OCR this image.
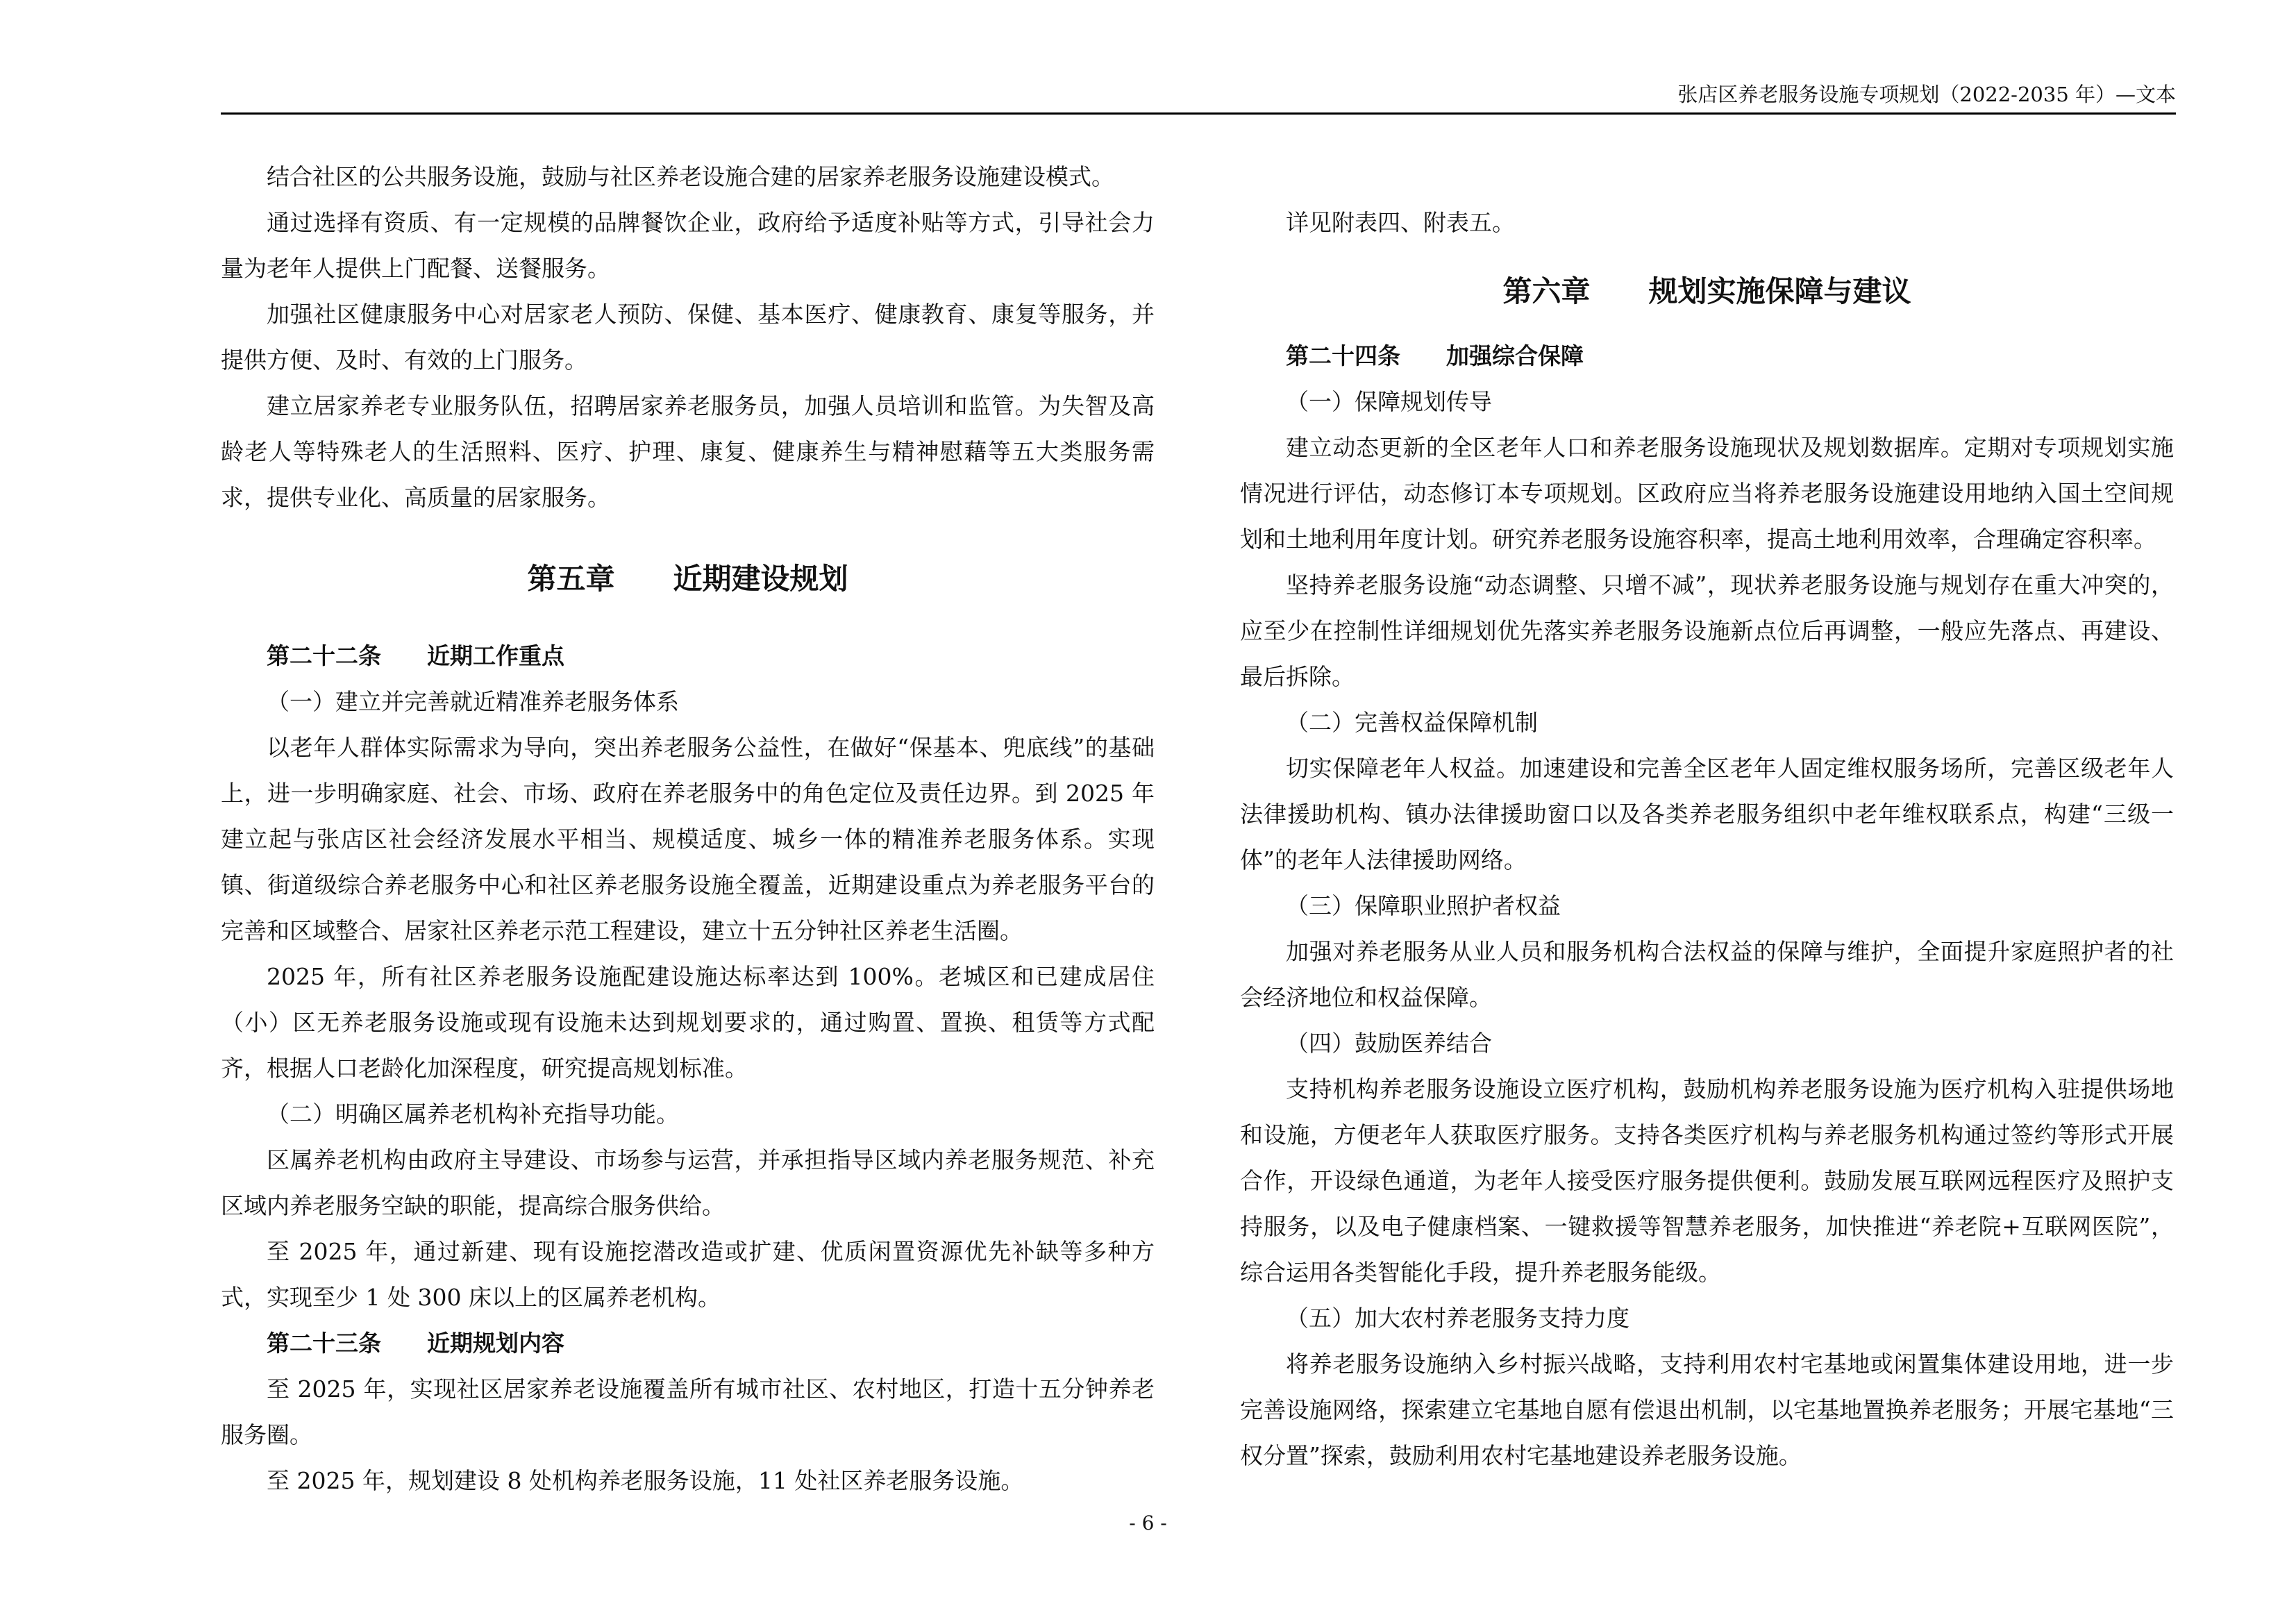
张店区养老服务设施专项规划（2022-2035 年）—文本

结合社区的公共服务设施，鼓励与社区养老设施合建的居家养老服务设施建设模式。

通过选择有资质、有一定规模的品牌餐饮企业，政府给予适度补贴等方式，引导社会力量为老年人提供上门配餐、送餐服务。

加强社区健康服务中心对居家老人预防、保健、基本医疗、健康教育、康复等服务，并提供方便、及时、有效的上门服务。

建立居家养老专业服务队伍，招聘居家养老服务员，加强人员培训和监管。为失智及高龄老人等特殊老人的生活照料、医疗、护理、康复、健康养生与精神慰藉等五大类服务需求，提供专业化、高质量的居家服务。

第五章 近期建设规划

第二十二条 近期工作重点

（一）建立并完善就近精准养老服务体系

以老年人群体实际需求为导向，突出养老服务公益性，在做好“保基本、兜底线”的基础上，进一步明确家庭、社会、市场、政府在养老服务中的角色定位及责任边界。到 2025 年建立起与张店区社会经济发展水平相当、规模适度、城乡一体的精准养老服务体系。实现镇、街道级综合养老服务中心和社区养老服务设施全覆盖，近期建设重点为养老服务平台的完善和区域整合、居家社区养老示范工程建设，建立十五分钟社区养老生活圈。

2025 年，所有社区养老服务设施配建设施达标率达到 100%。老城区和已建成居住（小）区无养老服务设施或现有设施未达到规划要求的，通过购置、置换、租赁等方式配齐，根据人口老龄化加深程度，研究提高规划标准。

（二）明确区属养老机构补充指导功能。

区属养老机构由政府主导建设、市场参与运营，并承担指导区域内养老服务规范、补充区域内养老服务空缺的职能，提高综合服务供给。

至 2025 年，通过新建、现有设施挖潜改造或扩建、优质闲置资源优先补缺等多种方式，实现至少 1 处 300 床以上的区属养老机构。

第二十三条 近期规划内容

至 2025 年，实现社区居家养老设施覆盖所有城市社区、农村地区，打造十五分钟养老服务圈。

至 2025 年，规划建设 8 处机构养老服务设施，11 处社区养老服务设施。

详见附表四、附表五。

第六章 规划实施保障与建议

第二十四条 加强综合保障

（一）保障规划传导

建立动态更新的全区老年人口和养老服务设施现状及规划数据库。定期对专项规划实施情况进行评估，动态修订本专项规划。区政府应当将养老服务设施建设用地纳入国土空间规划和土地利用年度计划。研究养老服务设施容积率，提高土地利用效率，合理确定容积率。

坚持养老服务设施“动态调整、只增不减”，现状养老服务设施与规划存在重大冲突的，应至少在控制性详细规划优先落实养老服务设施新点位后再调整，一般应先落点、再建设、最后拆除。

（二）完善权益保障机制

切实保障老年人权益。加速建设和完善全区老年人固定维权服务场所，完善区级老年人法律援助机构、镇办法律援助窗口以及各类养老服务组织中老年维权联系点，构建“三级一体”的老年人法律援助网络。

（三）保障职业照护者权益

加强对养老服务从业人员和服务机构合法权益的保障与维护，全面提升家庭照护者的社会经济地位和权益保障。

（四）鼓励医养结合

支持机构养老服务设施设立医疗机构，鼓励机构养老服务设施为医疗机构入驻提供场地和设施，方便老年人获取医疗服务。支持各类医疗机构与养老服务机构通过签约等形式开展合作，开设绿色通道，为老年人接受医疗服务提供便利。鼓励发展互联网远程医疗及照护支持服务，以及电子健康档案、一键救援等智慧养老服务，加快推进“养老院+互联网医院”，综合运用各类智能化手段，提升养老服务能级。

（五）加大农村养老服务支持力度

将养老服务设施纳入乡村振兴战略，支持利用农村宅基地或闲置集体建设用地，进一步完善设施网络，探索建立宅基地自愿有偿退出机制，以宅基地置换养老服务；开展宅基地“三权分置”探索，鼓励利用农村宅基地建设养老服务设施。

- 6 -
